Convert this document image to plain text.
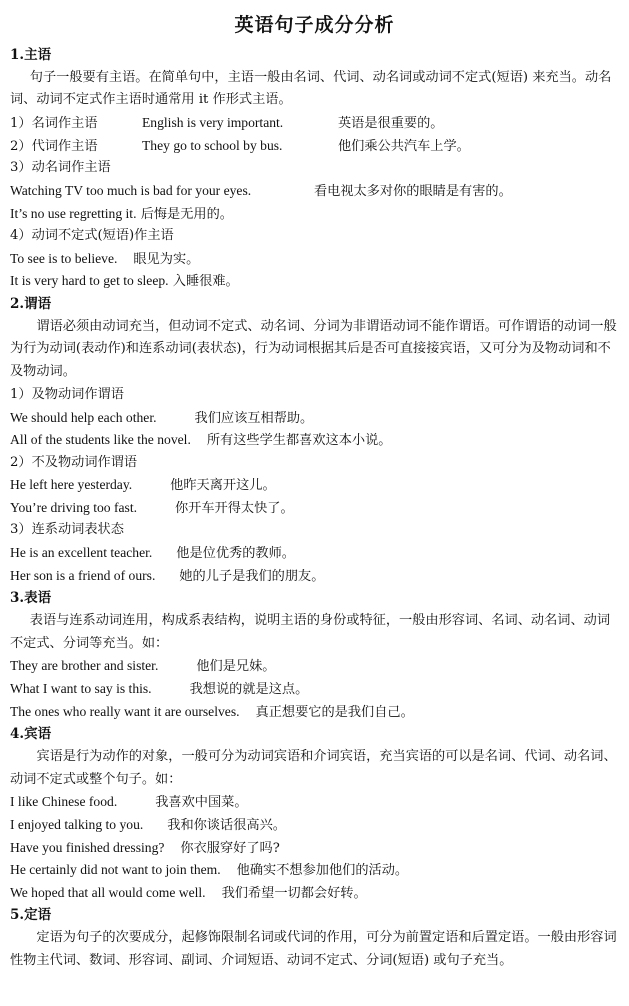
英语句子成分分析
1.主语
句子一般要有主语。在简单句中，主语一般由名词、代词、动名词或动词不定式(短语) 来充当。动名词、动词不定式作主语时通常用 it 作形式主语。
1）名词作主语	English is very important.	英语是很重要的。
2）代词作主语	They go to school by bus.	他们乘公共汽车上学。
3）动名词作主语
Watching TV too much is bad for your eyes.	看电视太多对你的眼睛是有害的。
It’s no use regretting it. 后悔是无用的。
4）动词不定式(短语)作主语
To see is to believe. 眼见为实。
It is very hard to get to sleep. 入睡很难。
2.谓语
谓语必须由动词充当，但动词不定式、动名词、分词为非谓语动词不能作谓语。可作谓语的动词一般为行为动词(表动作)和连系动词(表状态)，行为动词根据其后是否可直接接宾语，又可分为及物动词和不及物动词。
1）及物动词作谓语
We should help each other.	我们应该互相帮助。
All of the students like the novel. 所有这些学生都喜欢这本小说。
2）不及物动词作谓语
He left here yesterday.	他昨天离开这儿。
You’re driving too fast.	你开车开得太快了。
3）连系动词表状态
He is an excellent teacher. 他是位优秀的教师。
Her son is a friend of ours. 她的儿子是我们的朋友。
3.表语
表语与连系动词连用，构成系表结构，说明主语的身份或特征，一般由形容词、名词、动名词、动词不定式、分词等充当。如：
They are brother and sister.	他们是兄妹。
What I want to say is this.	我想说的就是这点。
The ones who really want it are ourselves. 真正想要它的是我们自己。
4.宾语
宾语是行为动作的对象，一般可分为动词宾语和介词宾语，充当宾语的可以是名词、代词、动名词、动词不定式或整个句子。如：
I like Chinese food.	我喜欢中国菜。
I enjoyed talking to you. 我和你谈话很高兴。
Have you finished dressing? 你衣服穿好了吗?
He certainly did not want to join them. 他确实不想参加他们的活动。
We hoped that all would come well. 我们希望一切都会好转。
5.定语
定语为句子的次要成分，起修饰限制名词或代词的作用，可分为前置定语和后置定语。一般由形容词性物主代词、数词、形容词、副词、介词短语、动词不定式、分词(短语) 或句子充当。
